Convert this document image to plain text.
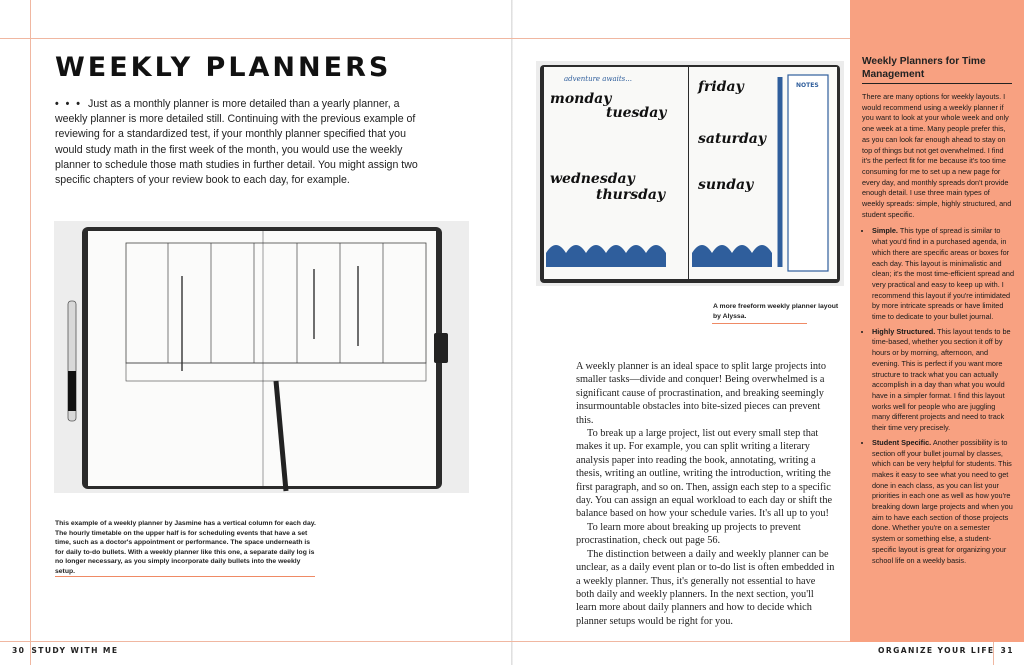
WEEKLY PLANNERS
• • • Just as a monthly planner is more detailed than a yearly planner, a weekly planner is more detailed still. Continuing with the previous example of reviewing for a standardized test, if your monthly planner specified that you would study math in the first week of the month, you would use the weekly planner to schedule those math studies in further detail. You might assign two specific chapters of your review book to each day, for example.
This example of a weekly planner by Jasmine has a vertical column for each day. The hourly timetable on the upper half is for scheduling events that have a set time, such as a doctor's appointment or performance. The space underneath is for daily to-do bullets. With a weekly planner like this one, a separate daily log is no longer necessary, as you simply incorporate daily bullets into the weekly setup.
adventure awaits...
monday
tuesday
wednesday
thursday
friday
saturday
sunday
NOTES
A more freeform weekly planner layout by Alyssa.

A weekly planner is an ideal space to split large projects into smaller tasks—divide and conquer! Being overwhelmed is a significant cause of procrastination, and breaking seemingly insurmountable obstacles into bite-sized pieces can prevent this.

To break up a large project, list out every small step that makes it up. For example, you can split writing a literary analysis paper into reading the book, annotating, writing a thesis, writing an outline, writing the introduction, writing the first paragraph, and so on. Then, assign each step to a specific day. You can assign an equal workload to each day or shift the balance based on how your schedule varies. It's all up to you!

To learn more about breaking up projects to prevent procrastination, check out page 56.

The distinction between a daily and weekly planner can be unclear, as a daily event plan or to-do list is often embedded in a weekly planner. Thus, it's generally not essential to have both daily and weekly planners. In the next section, you'll learn more about daily planners and how to decide which planner setups would be right for you.

Weekly Planners for Time Management

There are many options for weekly layouts. I would recommend using a weekly planner if you want to look at your whole week and only one week at a time. Many people prefer this, as you can look far enough ahead to stay on top of things but not get overwhelmed. I find it's the perfect fit for me because it's too time consuming for me to set up a new page for every day, and monthly spreads don't provide enough detail. I use three main types of weekly spreads: simple, highly structured, and student specific.

• Simple. This type of spread is similar to what you'd find in a purchased agenda, in which there are specific areas or boxes for each day. This layout is minimalistic and clean; it's the most time-efficient spread and very practical and easy to keep up with. I recommend this layout if you're intimidated by more intricate spreads or have limited time to dedicate to your bullet journal.
• Highly Structured. This layout tends to be time-based, whether you section it off by hours or by morning, afternoon, and evening. This is perfect if you want more structure to track what you can actually accomplish in a day than what you would have in a simpler format. I find this layout works well for people who are juggling many different projects and need to track their time very precisely.
• Student Specific. Another possibility is to section off your bullet journal by classes, which can be very helpful for students. This makes it easy to see what you need to get done in each class, as you can list your priorities in each one as well as how you're breaking down large projects and when you aim to have each section of those projects done. Whether you're on a semester system or something else, a student-specific layout is great for organizing your school life on a weekly basis.
30 STUDY WITH ME	ORGANIZE YOUR LIFE 31
